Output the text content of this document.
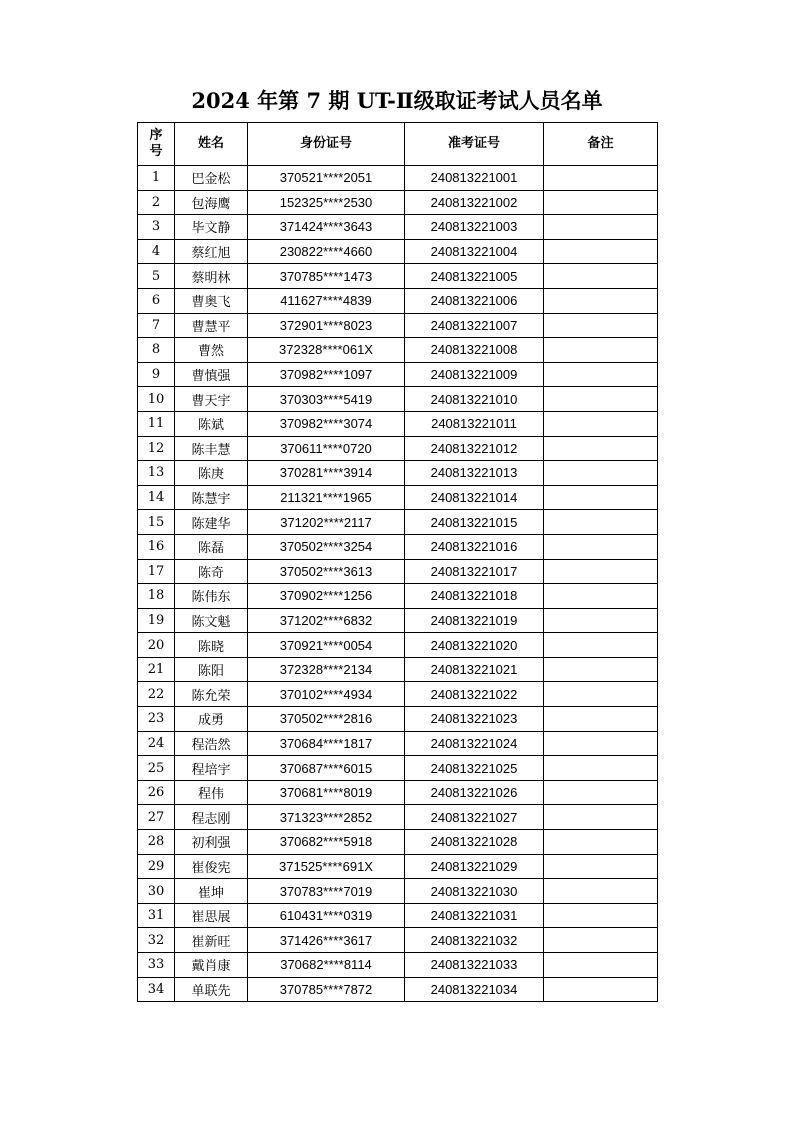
2024 年第 7 期 UT-Ⅱ级取证考试人员名单
序
号	姓名	身份证号	准考证号	备注
1	巴金松	370521****2051	240813221001	
2	包海鹰	152325****2530	240813221002	
3	毕文静	371424****3643	240813221003	
4	蔡红旭	230822****4660	240813221004	
5	蔡明林	370785****1473	240813221005	
6	曹奥飞	411627****4839	240813221006	
7	曹慧平	372901****8023	240813221007	
8	曹然	372328****061X	240813221008	
9	曹慎强	370982****1097	240813221009	
10	曹天宇	370303****5419	240813221010	
11	陈斌	370982****3074	240813221011	
12	陈丰慧	370611****0720	240813221012	
13	陈庚	370281****3914	240813221013	
14	陈慧宇	211321****1965	240813221014	
15	陈建华	371202****2117	240813221015	
16	陈磊	370502****3254	240813221016	
17	陈奇	370502****3613	240813221017	
18	陈伟东	370902****1256	240813221018	
19	陈文魁	371202****6832	240813221019	
20	陈晓	370921****0054	240813221020	
21	陈阳	372328****2134	240813221021	
22	陈允荣	370102****4934	240813221022	
23	成勇	370502****2816	240813221023	
24	程浩然	370684****1817	240813221024	
25	程培宇	370687****6015	240813221025	
26	程伟	370681****8019	240813221026	
27	程志刚	371323****2852	240813221027	
28	初利强	370682****5918	240813221028	
29	崔俊宪	371525****691X	240813221029	
30	崔坤	370783****7019	240813221030	
31	崔思展	610431****0319	240813221031	
32	崔新旺	371426****3617	240813221032	
33	戴肖康	370682****8114	240813221033	
34	单联先	370785****7872	240813221034	
